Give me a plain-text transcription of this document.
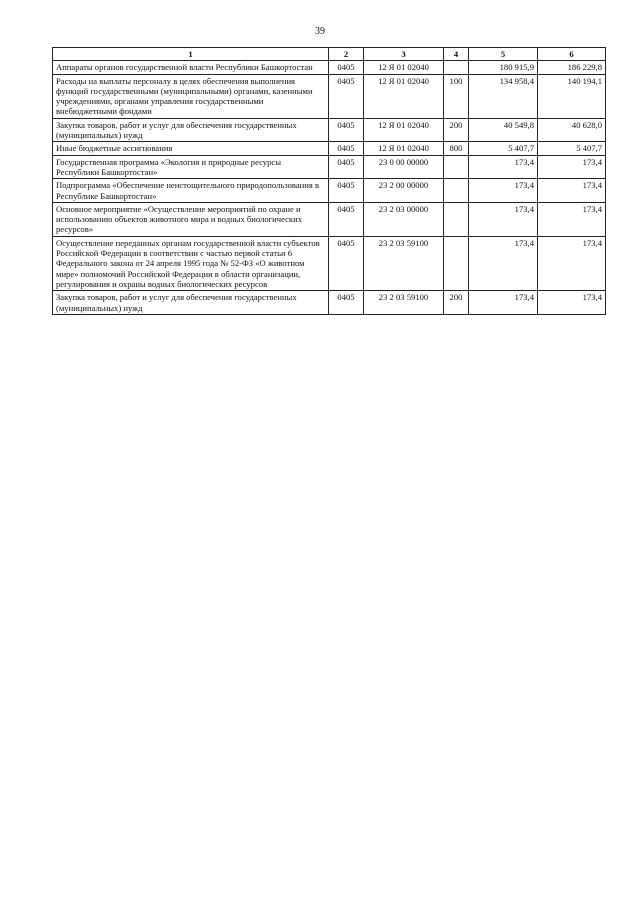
39
1	2	3	4	5	6
Аппараты органов государственной власти Республики Башкортостан	0405	12 Я 01 02040		180 915,9	186 229,8
Расходы на выплаты персоналу в целях обеспечения выполнения функций государственными (муниципальными) органами, казенными учреждениями, органами управления государственными внебюджетными фондами	0405	12 Я 01 02040	100	134 958,4	140 194,1
Закупка товаров, работ и услуг для обеспечения государственных (муниципальных) нужд	0405	12 Я 01 02040	200	40 549,8	40 628,0
Иные бюджетные ассигнования	0405	12 Я 01 02040	800	5 407,7	5 407,7
Государственная программа «Экология и природные ресурсы Республики Башкортостан»	0405	23 0 00 00000		173,4	173,4
Подпрограмма «Обеспечение неистощительного природопользования в Республике Башкортостан»	0405	23 2 00 00000		173,4	173,4
Основное мероприятие «Осуществление мероприятий по охране и использованию объектов животного мира и водных биологических ресурсов»	0405	23 2 03 00000		173,4	173,4
Осуществление переданных органам государственной власти субъектов Российской Федерации в соответствии с частью первой статьи 6 Федерального закона от 24 апреля 1995 года № 52-ФЗ «О животном мире» полномочий Российской Федерации в области организации, регулирования и охраны водных биологических ресурсов	0405	23 2 03 59100		173,4	173,4
Закупка товаров, работ и услуг для обеспечения государственных (муниципальных) нужд	0405	23 2 03 59100	200	173,4	173,4
